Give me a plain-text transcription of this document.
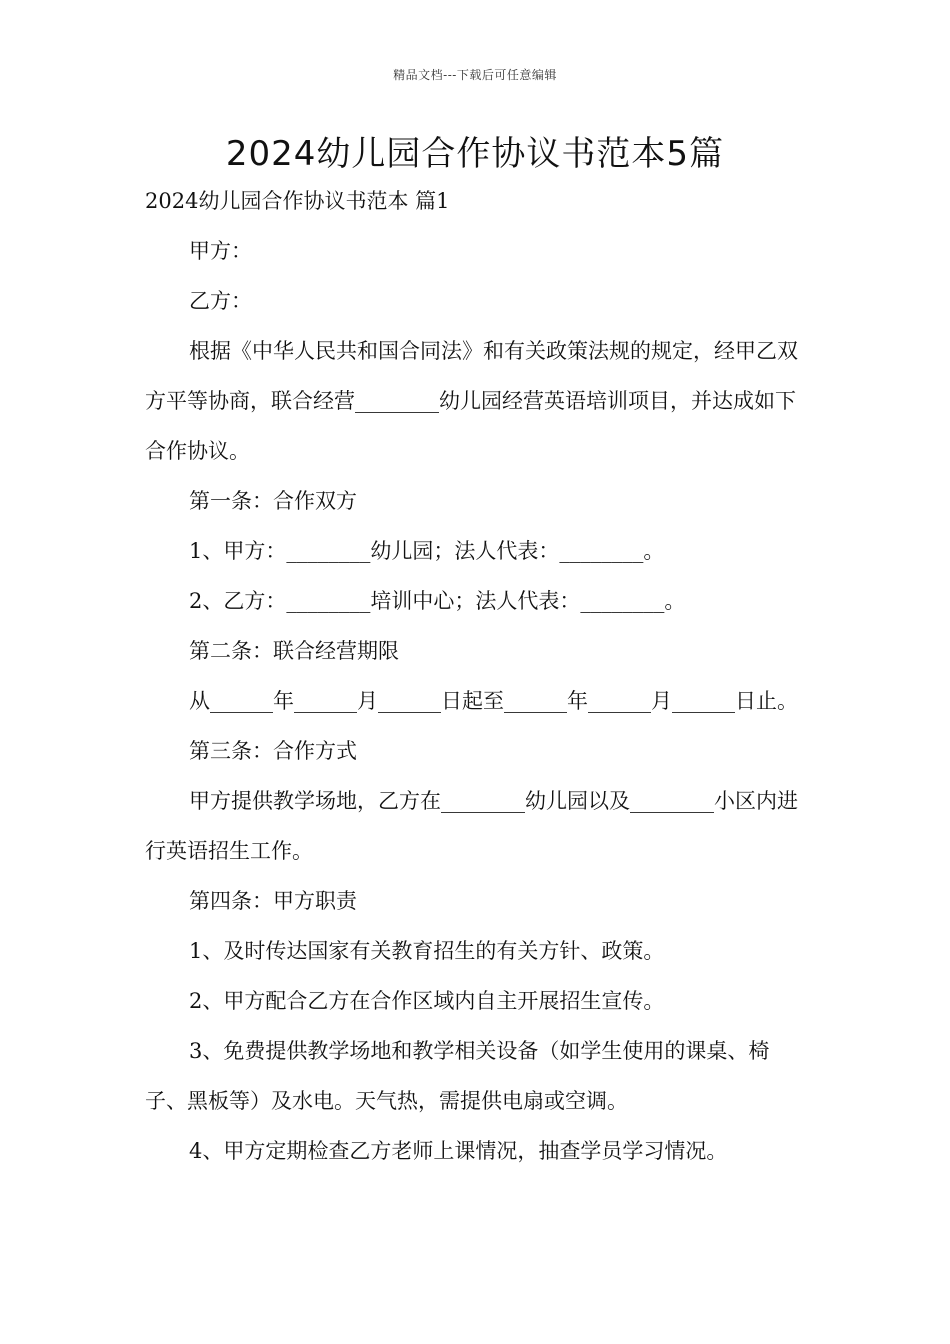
精品文档---下载后可任意编辑
2024幼儿园合作协议书范本5篇

2024幼儿园合作协议书范本 篇1

甲方：

乙方：

根据《中华人民共和国合同法》和有关政策法规的规定，经甲乙双方平等协商，联合经营________幼儿园经营英语培训项目，并达成如下合作协议。

第一条：合作双方

1、甲方：________幼儿园；法人代表：________。

2、乙方：________培训中心；法人代表：________。

第二条：联合经营期限

从______年______月______日起至______年______月______日止。

第三条：合作方式

甲方提供教学场地，乙方在________幼儿园以及________小区内进行英语招生工作。

第四条：甲方职责

1、及时传达国家有关教育招生的有关方针、政策。

2、甲方配合乙方在合作区域内自主开展招生宣传。

3、免费提供教学场地和教学相关设备（如学生使用的课桌、椅子、黑板等）及水电。天气热，需提供电扇或空调。

4、甲方定期检查乙方老师上课情况，抽查学员学习情况。
